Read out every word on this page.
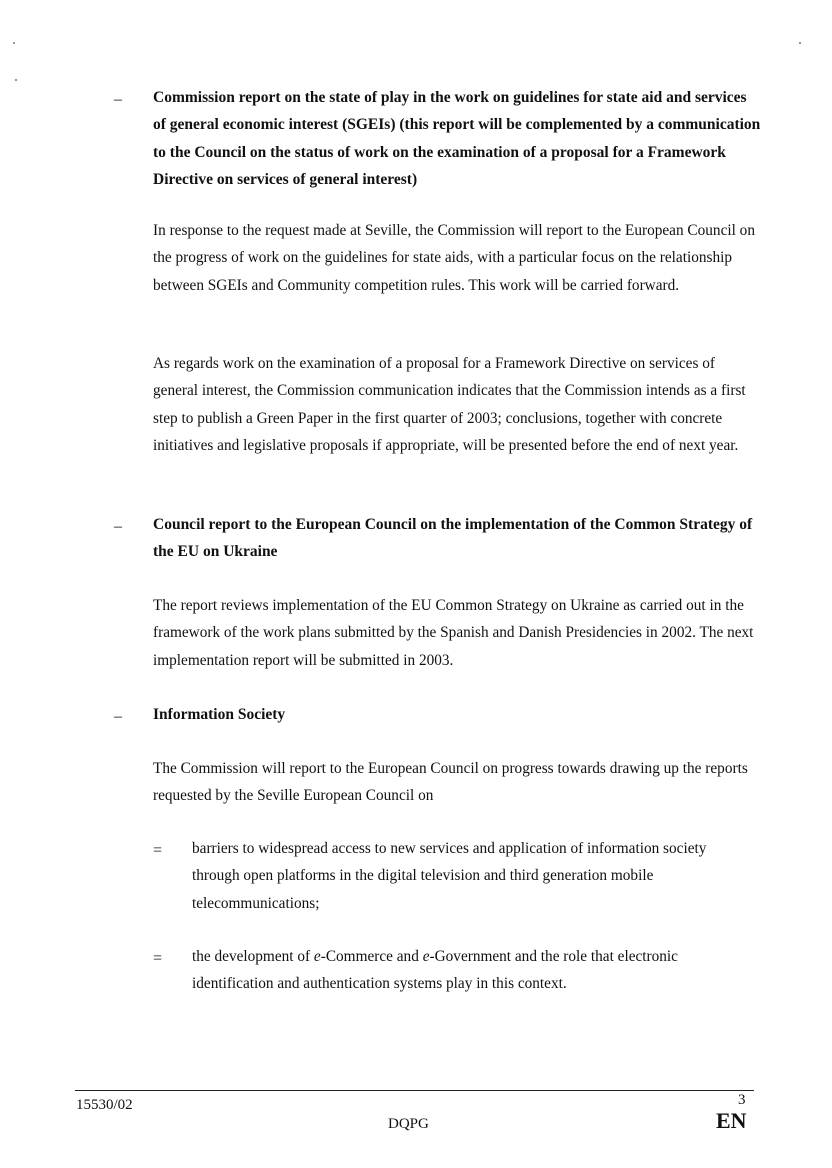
– Commission report on the state of play in the work on guidelines for state aid and services of general economic interest (SGEIs) (this report will be complemented by a communication to the Council on the status of work on the examination of a proposal for a Framework Directive on services of general interest)

In response to the request made at Seville, the Commission will report to the European Council on the progress of work on the guidelines for state aids, with a particular focus on the relationship between SGEIs and Community competition rules. This work will be carried forward.

As regards work on the examination of a proposal for a Framework Directive on services of general interest, the Commission communication indicates that the Commission intends as a first step to publish a Green Paper in the first quarter of 2003; conclusions, together with concrete initiatives and legislative proposals if appropriate, will be presented before the end of next year.

– Council report to the European Council on the implementation of the Common Strategy of the EU on Ukraine

The report reviews implementation of the EU Common Strategy on Ukraine as carried out in the framework of the work plans submitted by the Spanish and Danish Presidencies in 2002. The next implementation report will be submitted in 2003.

– Information Society

The Commission will report to the European Council on progress towards drawing up the reports requested by the Seville European Council on

= barriers to widespread access to new services and application of information society through open platforms in the digital television and third generation mobile telecommunications;

= the development of e-Commerce and e-Government and the role that electronic identification and authentication systems play in this context.

15530/02
DQPG
3
EN
